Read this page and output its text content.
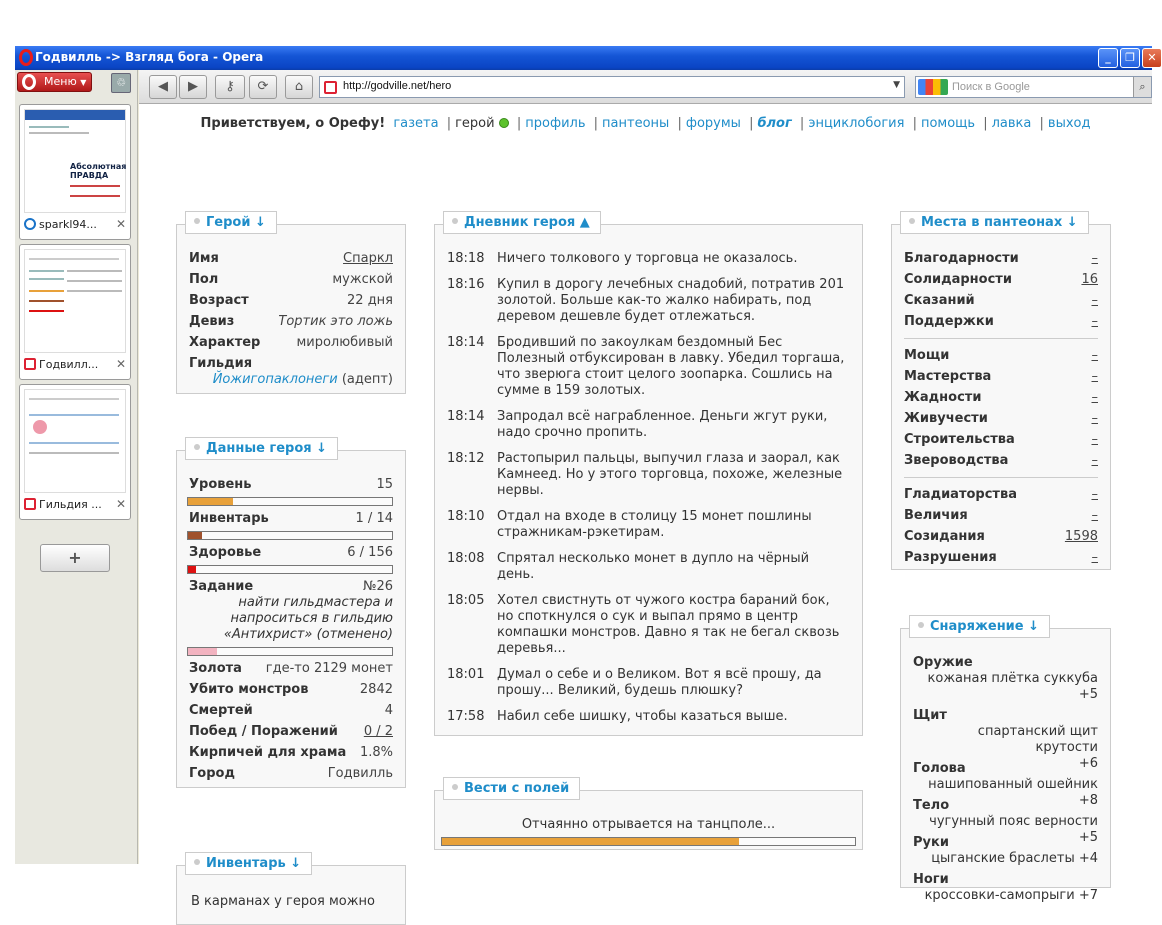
Годвилль -> Взгляд бога - Opera	_	❐	✕
Меню ▼	♲
Абсолютная ПРАВДА
sparkl94...	✕
Годвилл...	✕
Гильдия ...	✕
+
◀	▶	⚷	⟳	⌂	http://godville.net/hero	▼	Поиск в Google	⌕
Приветствуем, о Орефу! газета | герой | профиль | пантеоны | форумы | блог | энциклобогия | помощь | лавка | выход
Герой ↓
Имя	Спаркл
Пол	мужской
Возраст	22 дня
Девиз	Тортик это ложь
Характер	миролюбивый
Гильдия
Йожигопаклонеги (адепт)
Данные героя ↓
Уровень	15
Инвентарь	1 / 14
Здоровье	6 / 156
Задание	№26
найти гильдмастера и напроситься в гильдию «Антихрист» (отменено)
Золота где-то 2129 монет
Убито монстров	2842
Смертей	4
Побед / Поражений 0 / 2
Кирпичей для храма 1.8%
Город	Годвилль
Инвентарь ↓
В карманах у героя можно
Дневник героя ▲
18:18 Ничего толкового у торговца не оказалось.
18:16 Купил в дорогу лечебных снадобий, потратив 201 золотой. Больше как-то жалко набирать, под деревом дешевле будет отлежаться.
18:14 Бродивший по закоулкам бездомный Бес Полезный отбуксирован в лавку. Убедил торгаша, что зверюга стоит целого зоопарка. Сошлись на сумме в 159 золотых.
18:14 Запродал всё награбленное. Деньги жгут руки, надо срочно пропить.
18:12 Растопырил пальцы, выпучил глаза и заорал, как Камнеед. Но у этого торговца, похоже, железные нервы.
18:10 Отдал на входе в столицу 15 монет пошлины стражникам-рэкетирам.
18:08 Спрятал несколько монет в дупло на чёрный день.
18:05 Хотел свистнуть от чужого костра бараний бок, но споткнулся о сук и выпал прямо в центр компашки монстров. Давно я так не бегал сквозь деревья...
18:01 Думал о себе и о Великом. Вот я всё прошу, да прошу... Великий, будешь плюшку?
17:58 Набил себе шишку, чтобы казаться выше.
Вести с полей
Отчаянно отрывается на танцполе...
Места в пантеонах ↓
Благодарности	–
Солидарности	16
Сказаний	–
Поддержки	–
Мощи	–
Мастерства	–
Жадности	–
Живучести	–
Строительства	–
Звероводства	–
Гладиаторства	–
Величия	–
Созидания	1598
Разрушения	–
Снаряжение ↓
Оружие
кожаная плётка суккуба
+5
Щит
спартанский щит крутости
+6
Голова
нашипованный ошейник +8
Тело
чугунный пояс верности +5
Руки
цыганские браслеты +4
Ноги
кроссовки-самопрыги +7
